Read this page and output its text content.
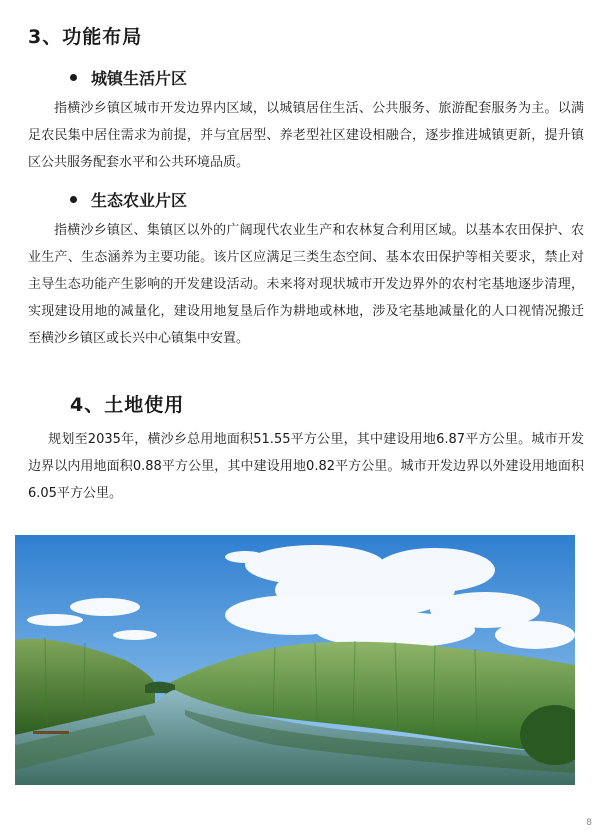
3、功能布局
城镇生活片区

指横沙乡镇区城市开发边界内区域，以城镇居住生活、公共服务、旅游配套服务为主。以满足农民集中居住需求为前提，并与宜居型、养老型社区建设相融合，逐步推进城镇更新，提升镇区公共服务配套水平和公共环境品质。

生态农业片区

指横沙乡镇区、集镇区以外的广阔现代农业生产和农林复合利用区域。以基本农田保护、农业生产、生态涵养为主要功能。该片区应满足三类生态空间、基本农田保护等相关要求，禁止对主导生态功能产生影响的开发建设活动。未来将对现状城市开发边界外的农村宅基地逐步清理，实现建设用地的减量化，建设用地复垦后作为耕地或林地，涉及宅基地减量化的人口视情况搬迁至横沙乡镇区或长兴中心镇集中安置。

4、土地使用

规划至2035年，横沙乡总用地面积51.55平方公里，其中建设用地6.87平方公里。城市开发边界以内用地面积0.88平方公里，其中建设用地0.82平方公里。城市开发边界以外建设用地面积6.05平方公里。

8
